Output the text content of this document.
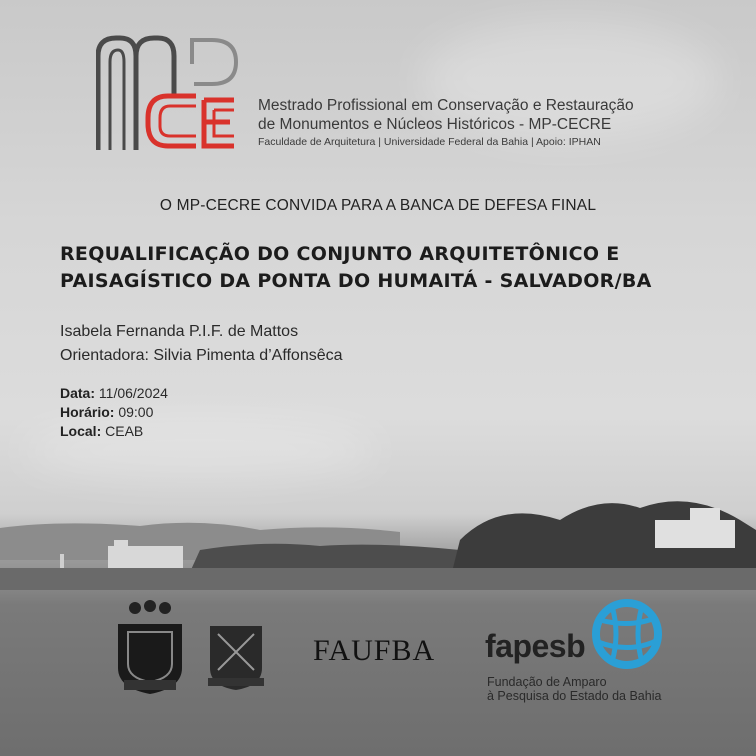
Mestrado Profissional em Conservação e Restauração
de Monumentos e Núcleos Históricos - MP-CECRE
Faculdade de Arquitetura | Universidade Federal da Bahia | Apoio: IPHAN
O MP-CECRE CONVIDA PARA A BANCA DE DEFESA FINAL
REQUALIFICAÇÃO DO CONJUNTO ARQUITETÔNICO E
PAISAGÍSTICO DA PONTA DO HUMAITÁ - SALVADOR/BA
Isabela Fernanda P.I.F. de Mattos
Orientadora: Silvia Pimenta d’Affonsêca
Data: 11/06/2024
Horário: 09:00
Local: CEAB
FAUFBA fapesb
Fundação de Amparo
à Pesquisa do Estado da Bahia
